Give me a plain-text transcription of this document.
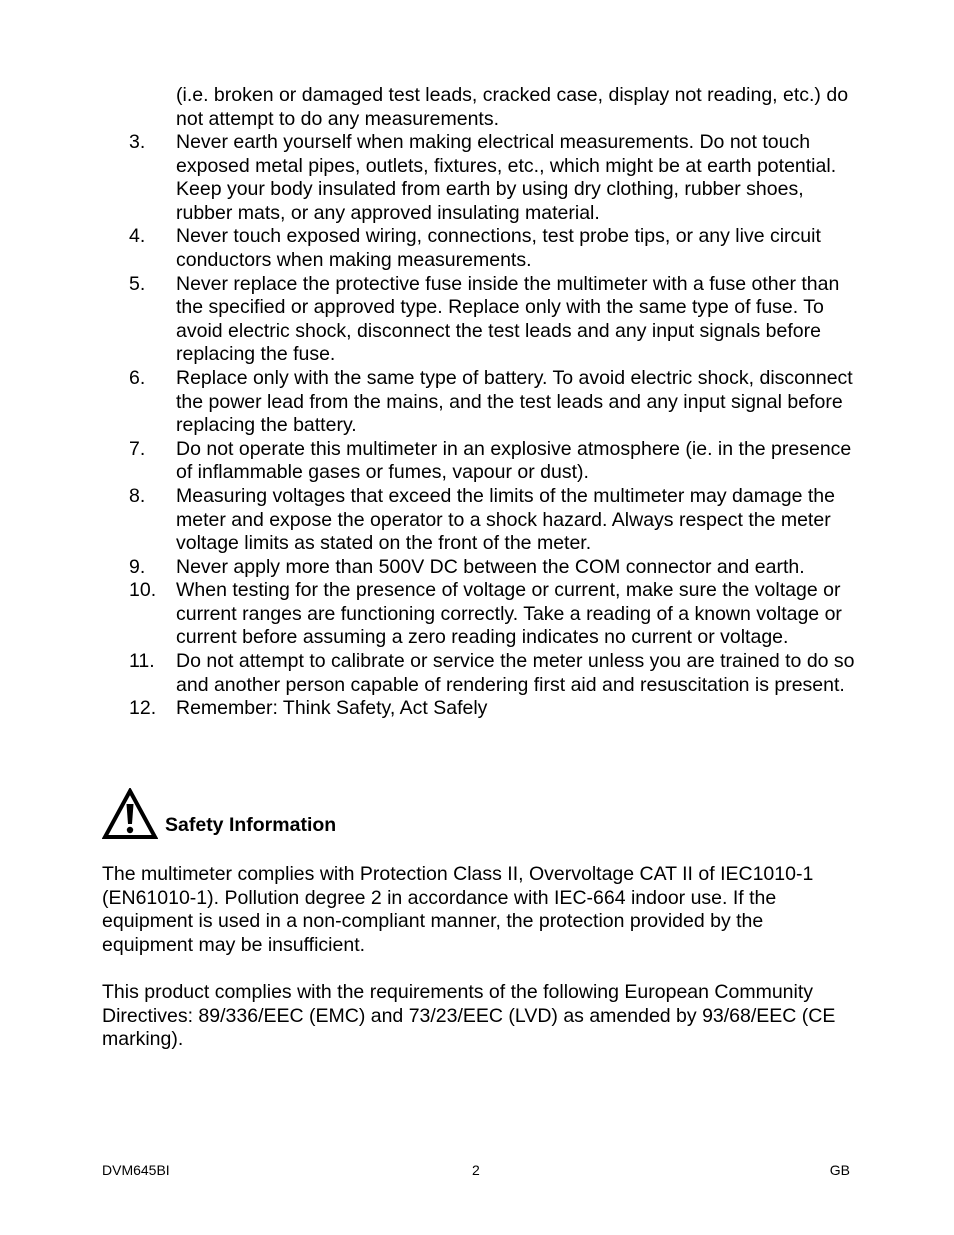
(i.e. broken or damaged test leads, cracked case, display not reading, etc.) do not attempt to do any measurements.
3. Never earth yourself when making electrical measurements. Do not touch exposed metal pipes, outlets, fixtures, etc., which might be at earth potential. Keep your body insulated from earth by using dry clothing, rubber shoes, rubber mats, or any approved insulating material.
4. Never touch exposed wiring, connections, test probe tips, or any live circuit conductors when making measurements.
5. Never replace the protective fuse inside the multimeter with a fuse other than the specified or approved type. Replace only with the same type of fuse. To avoid electric shock, disconnect the test leads and any input signals before replacing the fuse.
6. Replace only with the same type of battery. To avoid electric shock, disconnect the power lead from the mains, and the test leads and any input signal before replacing the battery.
7. Do not operate this multimeter in an explosive atmosphere (ie. in the presence of inflammable gases or fumes, vapour or dust).
8. Measuring voltages that exceed the limits of the multimeter may damage the meter and expose the operator to a shock hazard. Always respect the meter voltage limits as stated on the front of the meter.
9. Never apply more than 500V DC between the COM connector and earth.
10. When testing for the presence of voltage or current, make sure the voltage or current ranges are functioning correctly. Take a reading of a known voltage or current before assuming a zero reading indicates no current or voltage.
11. Do not attempt to calibrate or service the meter unless you are trained to do so and another person capable of rendering first aid and resuscitation is present.
12. Remember: Think Safety, Act Safely
Safety Information

The multimeter complies with Protection Class II, Overvoltage CAT II of IEC1010-1 (EN61010-1). Pollution degree 2 in accordance with IEC-664 indoor use. If the equipment is used in a non-compliant manner, the protection provided by the equipment may be insufficient.

This product complies with the requirements of the following European Community Directives: 89/336/EEC (EMC) and 73/23/EEC (LVD) as amended by 93/68/EEC (CE marking).

DVM645BI	2	GB
